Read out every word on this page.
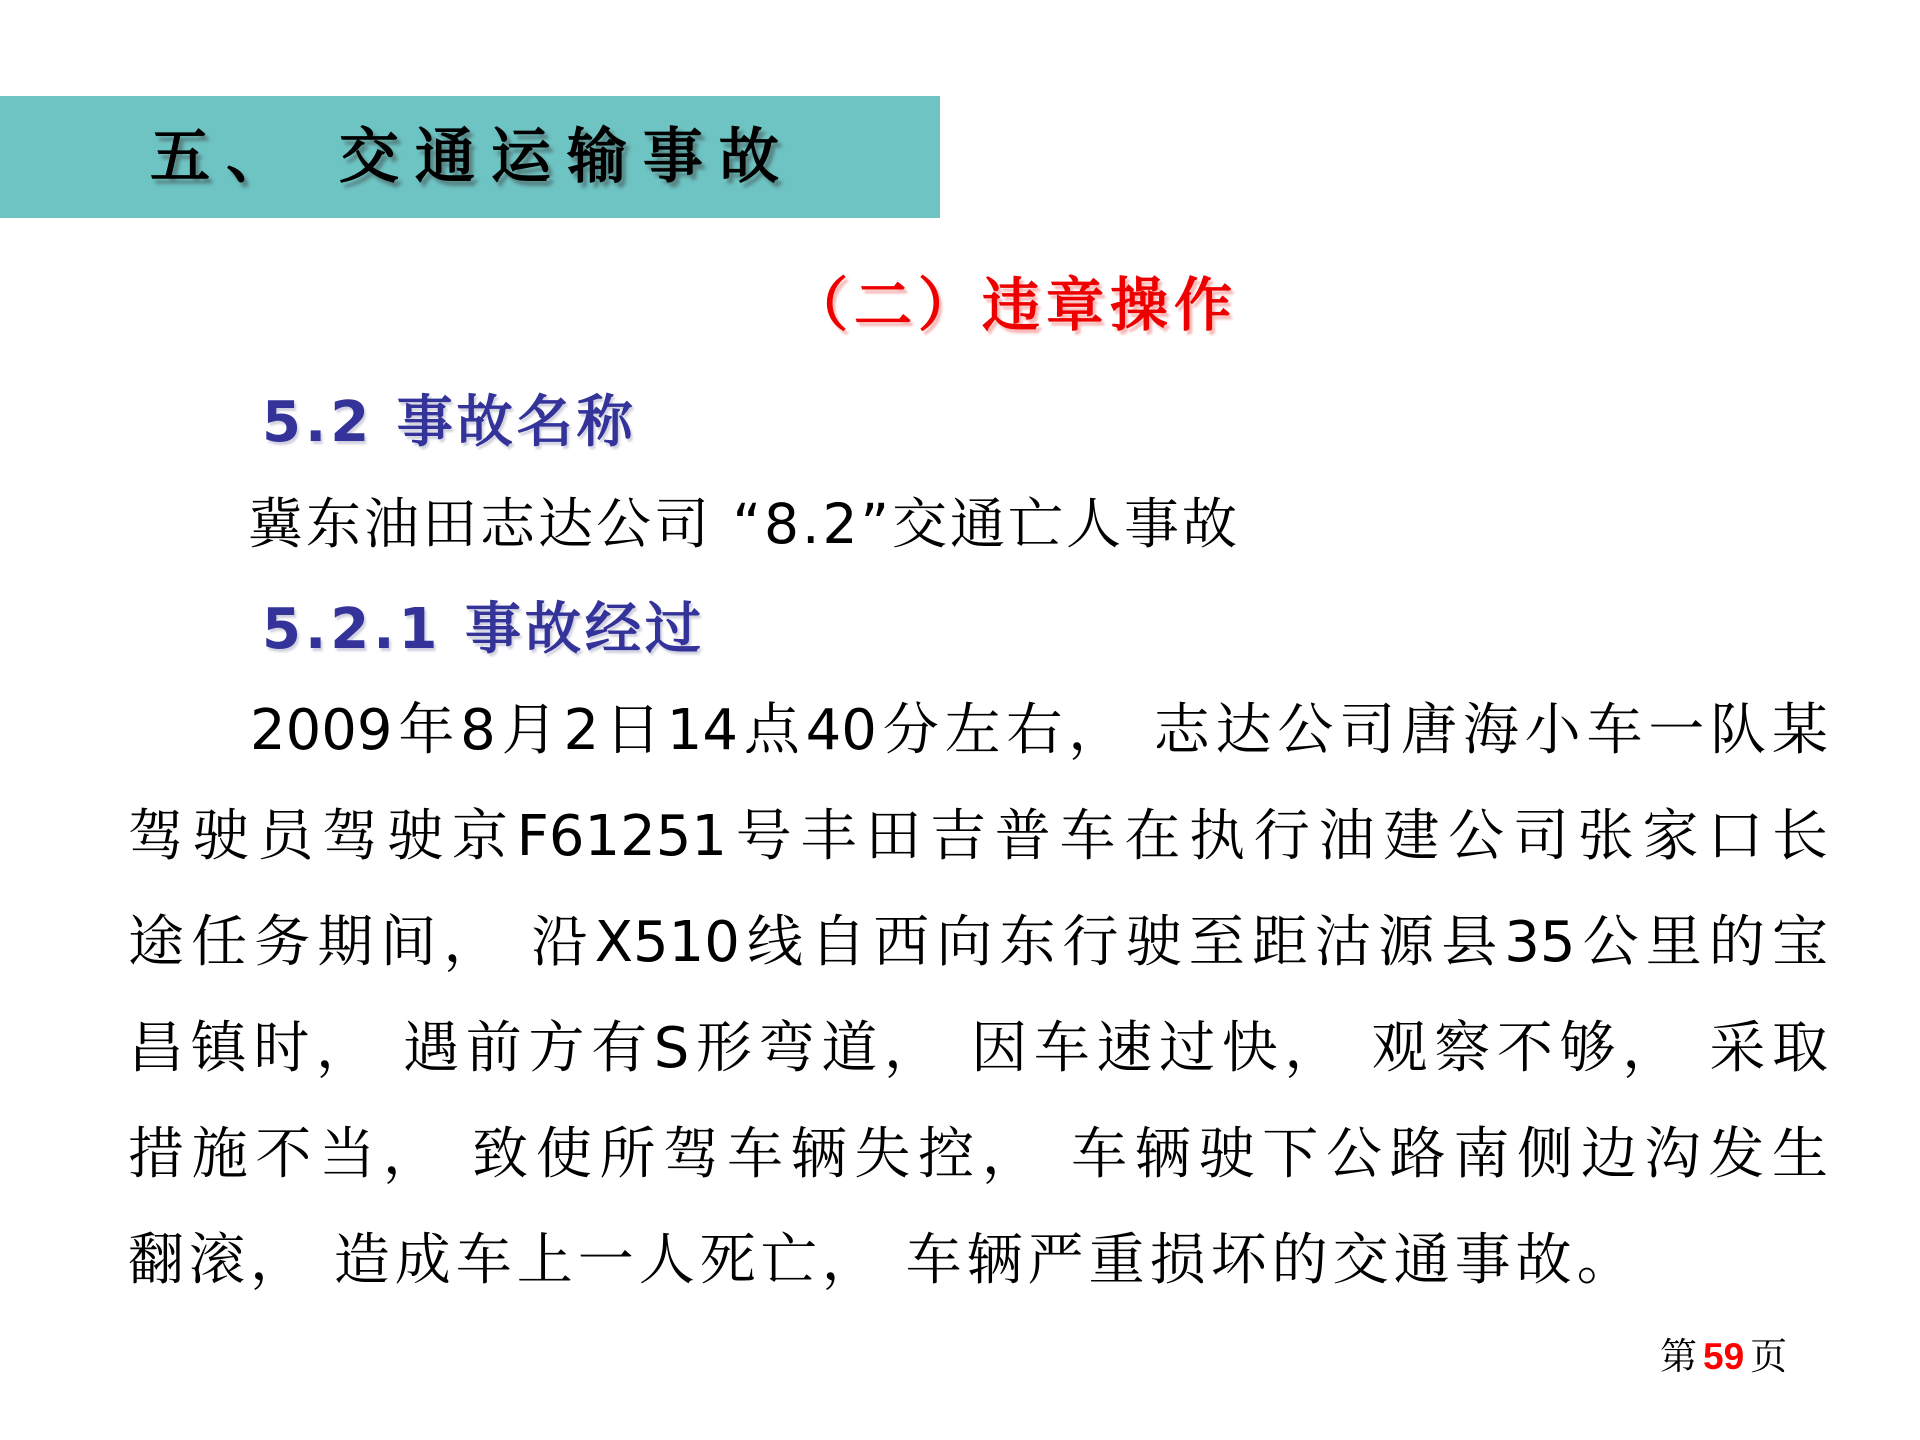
五、 交通运输事故
（二）违章操作
5.2 事故名称
冀东油田志达公司 “8.2”交通亡人事故
5.2.1 事故经过
2009年8月2日14点40分左右， 志达公司唐海小车一队某
驾驶员驾驶京F61251号丰田吉普车在执行油建公司张家口长
途任务期间， 沿X510线自西向东行驶至距沽源县35公里的宝
昌镇时， 遇前方有S形弯道， 因车速过快， 观察不够， 采取
措施不当， 致使所驾车辆失控， 车辆驶下公路南侧边沟发生
翻滚， 造成车上一人死亡， 车辆严重损坏的交通事故。
第 59 页
